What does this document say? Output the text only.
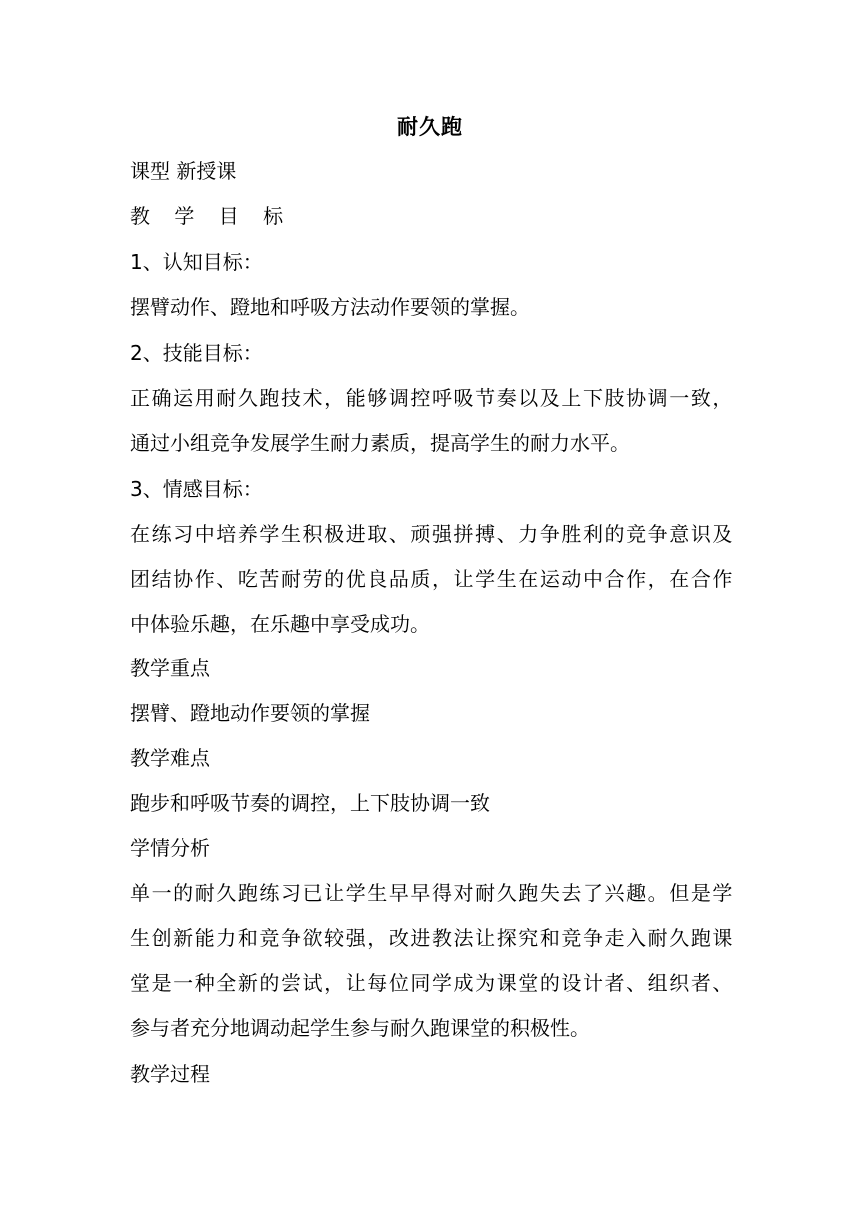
耐久跑
课型 新授课
教 学 目 标
1、认知目标：
摆臂动作、蹬地和呼吸方法动作要领的掌握。
2、技能目标：
正确运用耐久跑技术，能够调控呼吸节奏以及上下肢协调一致，
通过小组竞争发展学生耐力素质，提高学生的耐力水平。
3、情感目标：
在练习中培养学生积极进取、顽强拼搏、力争胜利的竞争意识及
团结协作、吃苦耐劳的优良品质，让学生在运动中合作，在合作
中体验乐趣，在乐趣中享受成功。
教学重点
摆臂、蹬地动作要领的掌握
教学难点
跑步和呼吸节奏的调控，上下肢协调一致
学情分析
单一的耐久跑练习已让学生早早得对耐久跑失去了兴趣。但是学
生创新能力和竞争欲较强，改进教法让探究和竞争走入耐久跑课
堂是一种全新的尝试，让每位同学成为课堂的设计者、组织者、
参与者充分地调动起学生参与耐久跑课堂的积极性。
教学过程
